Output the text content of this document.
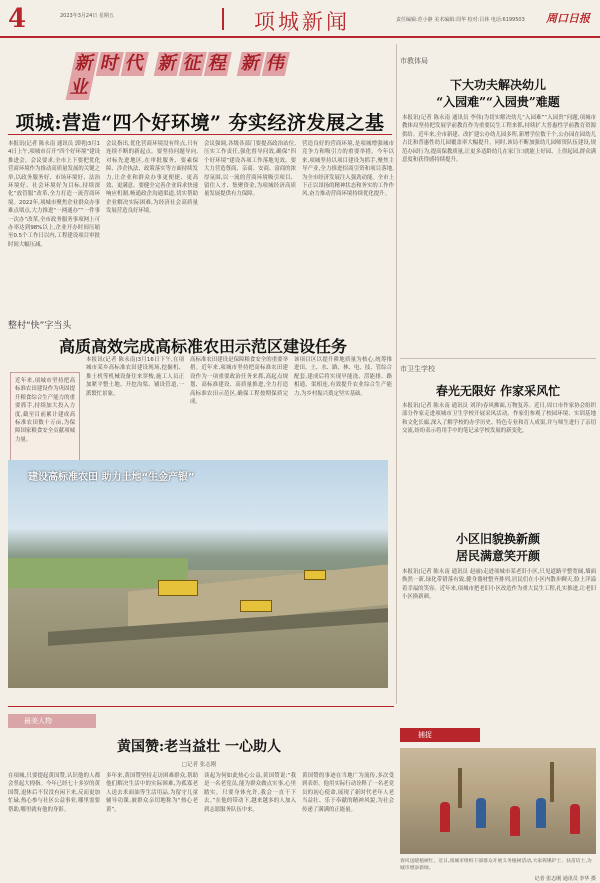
4	2023年3月24日 星期五	项城新闻	责任编辑:范小静 美术编辑:周华 校对:吕林 电话:6199503 周口日报
新 时 代 新 征 程 新 伟业
项城:营造“四个好环境” 夯实经济发展之基
本报讯(记者 陈永南 通讯员 郭明)3月14日上午,项城市召开“四个好环境”建设推进会。会议要求,全市上下要把优化营商环境作为推动高质量发展的关键之举,以政务服务好、市场环境好、法治环境好、社会环境好为目标,持续深化“放管服”改革,全力打造一流营商环境。2022年,项城市聚焦企业群众办事难点堵点,大力推进“一网通办”“一件事一次办”改革,全市政务服务事项网上可办率达到98%以上,企业开办时间压缩至0.5个工作日以内,工程建设项目审批时间大幅压减。
会议指出,优化营商环境没有终点,只有连续不断的新起点。要坚持问题导向,对标先进地区,在审批服务、要素保障、涉企执法、政策落实等方面持续发力,让企业和群众办事更便捷、更高效、更满意。要健全完善企业诉求快速响应机制,畅通政企沟通渠道,切实帮助企业解决实际困难,为经济社会高质量发展营造良好环境。
会议强调,各级各部门要提高政治站位,压实工作责任,强化督导问效,确保“四个好环境”建设各项工作落地见效。要大力营造尊商、亲商、安商、富商的浓厚氛围,以一流的营商环境吸引项目、留住人才、集聚资金,为项城经济高质量发展提供有力保障。
营造良好的营商环境,是项城增强城市竞争力和吸引力的重要举措。今年以来,项城坚持以项目建设为抓手,聚焦主导产业,全力推进招商引资和项目落地,为全市经济发展注入强劲动能。全市上下正以昂扬的精神状态和务实的工作作风,奋力推动营商环境持续优化提升。
整村“快”字当头
高质高效完成高标准农田示范区建设任务
近年来,项城市坚持把高标准农田建设作为巩固提升粮食综合生产能力的重要抓手,持续加大投入力度,截至目前累计建成高标准农田数十万亩,为保障国家粮食安全贡献项城力量。
本报讯(记者 陈永南)3月16日下午,在项城市某乡高标准农田建设现场,挖掘机、推土机等机械设备往来穿梭,施工人员正加紧平整土地、开挖沟渠、铺设管道,一派繁忙景象。
高标准农田建设是保障粮食安全的重要举措。近年来,项城市坚持把高标准农田建设作为一项重要政治任务来抓,高起点规划、高标准建设、高质量推进,全力打造高标准农田示范区,确保工程按期保质完成。
该项目区以提升耕地质量为核心,统筹推进田、土、水、路、林、电、技、管综合配套,建成后将实现旱能浇、涝能排、路相通、渠相连,有效提升农业综合生产能力,为乡村振兴奠定坚实基础。
建设高标准农田 助力土地“生金产银”
市教体局
下大功夫解决幼儿
“入园难”“入园贵”难题
本报讯(记者 陈永南 通讯员 李伟)为切实解决幼儿“入园难”“入园贵”问题,项城市教体局坚持把发展学前教育作为重要民生工程来抓,持续扩大普惠性学前教育资源供给。近年来,全市新建、改扩建公办幼儿园多所,新增学位数千个,公办园在园幼儿占比和普惠性幼儿园覆盖率大幅提升。同时,该局不断加强幼儿园师资队伍建设,规范办园行为,提高保教质量,让更多适龄幼儿在家门口就能上好园、上得起园,群众满意度和获得感持续提升。
市卫生学校
春光无限好 作家采风忙
本报讯(记者 陈永南 通讯员 刘洋)春风拂面,万物复苏。近日,周口市作家协会组织部分作家走进项城市卫生学校开展采风活动。作家们参观了校园环境、实训基地和文化长廊,深入了解学校的办学历史、特色专业和育人成果,并与师生进行了亲切交流,纷纷表示将用手中的笔记录学校发展的新变化。
小区旧貌换新颜
居民满意笑开颜
本报讯(记者 陈永南 通讯员 赵丽)走进项城市某老旧小区,只见道路平整宽阔,墙面焕然一新,绿化带错落有致,健身器材整齐排列,居民们在小区内散步聊天,脸上洋溢着幸福的笑容。近年来,项城市把老旧小区改造作为重大民生工程,扎实推进,让老旧小区换新颜。
最美人物
黄国赞:老当益壮 一心助人
□记者 张志刚
在项城,只要提起黄国赞,认识他的人都会竖起大拇指。今年已经七十多岁的黄国赞,退休后不仅没有闲下来,反而更加忙碌,热心参与社区公益事业,哪里需要帮助,哪里就有他的身影。
多年来,黄国赞坚持走访困难群众,帮助他们解决生活中的实际困难,为孤寡老人送去米面油等生活用品,为留守儿童辅导功课,被群众亲切地称为“热心老黄”。
谈起为何如此热心公益,黄国赞说:“我是一名老党员,能为群众做点实事,心里踏实。只要身体允许,我会一直干下去。”在他的带动下,越来越多的人加入到志愿服务队伍中来。
黄国赞的事迹在当地广为流传,多次受到表彰。他用实际行动诠释了一名老党员的初心使命,展现了新时代老年人老当益壮、乐于奉献的精神风貌,为社会传递了满满的正能量。
捕捉
春风送暖植树忙。近日,项城市组织干部群众开展义务植树活动,大家挥锹铲土、扶苗培土,为城市增添新绿。
记者 张志刚 通讯员 李华 摄
